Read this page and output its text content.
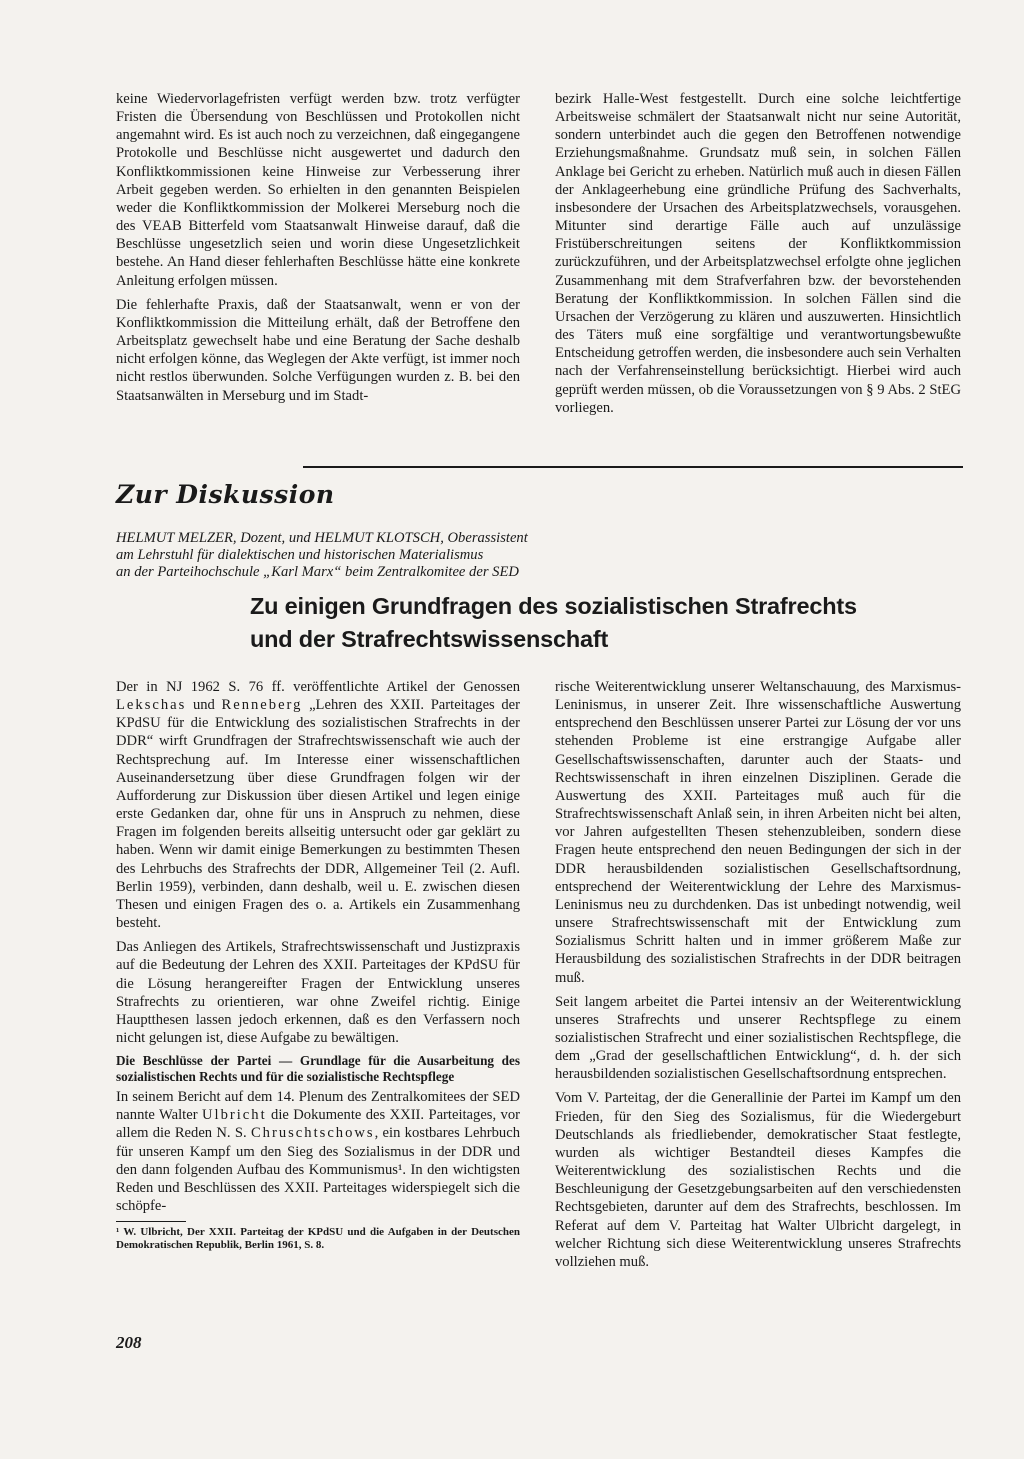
keine Wiedervorlagefristen verfügt werden bzw. trotz verfügter Fristen die Übersendung von Beschlüssen und Protokollen nicht angemahnt wird. Es ist auch noch zu verzeichnen, daß eingegangene Protokolle und Beschlüsse nicht ausgewertet und dadurch den Konfliktkommissionen keine Hinweise zur Verbesserung ihrer Arbeit gegeben werden. So erhielten in den genannten Beispielen weder die Konfliktkommission der Molkerei Merseburg noch die des VEAB Bitterfeld vom Staatsanwalt Hinweise darauf, daß die Beschlüsse ungesetzlich seien und worin diese Ungesetzlichkeit bestehe. An Hand dieser fehlerhaften Beschlüsse hätte eine konkrete Anleitung erfolgen müssen.

Die fehlerhafte Praxis, daß der Staatsanwalt, wenn er von der Konfliktkommission die Mitteilung erhält, daß der Betroffene den Arbeitsplatz gewechselt habe und eine Beratung der Sache deshalb nicht erfolgen könne, das Weglegen der Akte verfügt, ist immer noch nicht restlos überwunden. Solche Verfügungen wurden z. B. bei den Staatsanwälten in Merseburg und im Stadt-

bezirk Halle-West festgestellt. Durch eine solche leichtfertige Arbeitsweise schmälert der Staatsanwalt nicht nur seine Autorität, sondern unterbindet auch die gegen den Betroffenen notwendige Erziehungsmaßnahme. Grundsatz muß sein, in solchen Fällen Anklage bei Gericht zu erheben. Natürlich muß auch in diesen Fällen der Anklageerhebung eine gründliche Prüfung des Sachverhalts, insbesondere der Ursachen des Arbeitsplatzwechsels, vorausgehen. Mitunter sind derartige Fälle auch auf unzulässige Fristüberschreitungen seitens der Konfliktkommission zurückzuführen, und der Arbeitsplatzwechsel erfolgte ohne jeglichen Zusammenhang mit dem Strafverfahren bzw. der bevorstehenden Beratung der Konfliktkommission. In solchen Fällen sind die Ursachen der Verzögerung zu klären und auszuwerten. Hinsichtlich des Täters muß eine sorgfältige und verantwortungsbewußte Entscheidung getroffen werden, die insbesondere auch sein Verhalten nach der Verfahrenseinstellung berücksichtigt. Hierbei wird auch geprüft werden müssen, ob die Voraussetzungen von § 9 Abs. 2 StEG vorliegen.

Zur Diskussion
HELMUT MELZER, Dozent, und HELMUT KLOTSCH, Oberassistent
am Lehrstuhl für dialektischen und historischen Materialismus
an der Parteihochschule „Karl Marx“ beim Zentralkomitee der SED
Zu einigen Grundfragen des sozialistischen Strafrechts
und der Strafrechtswissenschaft

Der in NJ 1962 S. 76 ff. veröffentlichte Artikel der Genossen Lekschas und Renneberg „Lehren des XXII. Parteitages der KPdSU für die Entwicklung des sozialistischen Strafrechts in der DDR“ wirft Grundfragen der Strafrechtswissenschaft wie auch der Rechtsprechung auf. Im Interesse einer wissenschaftlichen Auseinandersetzung über diese Grundfragen folgen wir der Aufforderung zur Diskussion über diesen Artikel und legen einige erste Gedanken dar, ohne für uns in Anspruch zu nehmen, diese Fragen im folgenden bereits allseitig untersucht oder gar geklärt zu haben. Wenn wir damit einige Bemerkungen zu bestimmten Thesen des Lehrbuchs des Strafrechts der DDR, Allgemeiner Teil (2. Aufl. Berlin 1959), verbinden, dann deshalb, weil u. E. zwischen diesen Thesen und einigen Fragen des o. a. Artikels ein Zusammenhang besteht.

Das Anliegen des Artikels, Strafrechtswissenschaft und Justizpraxis auf die Bedeutung der Lehren des XXII. Parteitages der KPdSU für die Lösung herangereifter Fragen der Entwicklung unseres Strafrechts zu orientieren, war ohne Zweifel richtig. Einige Hauptthesen lassen jedoch erkennen, daß es den Verfassern noch nicht gelungen ist, diese Aufgabe zu bewältigen.

Die Beschlüsse der Partei — Grundlage für die Ausarbeitung des sozialistischen Rechts und für die sozialistische Rechtspflege

In seinem Bericht auf dem 14. Plenum des Zentralkomitees der SED nannte Walter Ulbricht die Dokumente des XXII. Parteitages, vor allem die Reden N. S. Chruschtschows, ein kostbares Lehrbuch für unseren Kampf um den Sieg des Sozialismus in der DDR und den dann folgenden Aufbau des Kommunismus¹. In den wichtigsten Reden und Beschlüssen des XXII. Parteitages widerspiegelt sich die schöpfe-

¹ W. Ulbricht, Der XXII. Parteitag der KPdSU und die Aufgaben in der Deutschen Demokratischen Republik, Berlin 1961, S. 8.

rische Weiterentwicklung unserer Weltanschauung, des Marxismus-Leninismus, in unserer Zeit. Ihre wissenschaftliche Auswertung entsprechend den Beschlüssen unserer Partei zur Lösung der vor uns stehenden Probleme ist eine erstrangige Aufgabe aller Gesellschaftswissenschaften, darunter auch der Staats- und Rechtswissenschaft in ihren einzelnen Disziplinen. Gerade die Auswertung des XXII. Parteitages muß auch für die Strafrechtswissenschaft Anlaß sein, in ihren Arbeiten nicht bei alten, vor Jahren aufgestellten Thesen stehenzubleiben, sondern diese Fragen heute entsprechend den neuen Bedingungen der sich in der DDR herausbildenden sozialistischen Gesellschaftsordnung, entsprechend der Weiterentwicklung der Lehre des Marxismus-Leninismus neu zu durchdenken. Das ist unbedingt notwendig, weil unsere Strafrechtswissenschaft mit der Entwicklung zum Sozialismus Schritt halten und in immer größerem Maße zur Herausbildung des sozialistischen Strafrechts in der DDR beitragen muß.

Seit langem arbeitet die Partei intensiv an der Weiterentwicklung unseres Strafrechts und unserer Rechtspflege zu einem sozialistischen Strafrecht und einer sozialistischen Rechtspflege, die dem „Grad der gesellschaftlichen Entwicklung“, d. h. der sich herausbildenden sozialistischen Gesellschaftsordnung entsprechen.

Vom V. Parteitag, der die Generallinie der Partei im Kampf um den Frieden, für den Sieg des Sozialismus, für die Wiedergeburt Deutschlands als friedliebender, demokratischer Staat festlegte, wurden als wichtiger Bestandteil dieses Kampfes die Weiterentwicklung des sozialistischen Rechts und die Beschleunigung der Gesetzgebungsarbeiten auf den verschiedensten Rechtsgebieten, darunter auf dem des Strafrechts, beschlossen. Im Referat auf dem V. Parteitag hat Walter Ulbricht dargelegt, in welcher Richtung sich diese Weiterentwicklung unseres Strafrechts vollziehen muß.

208
